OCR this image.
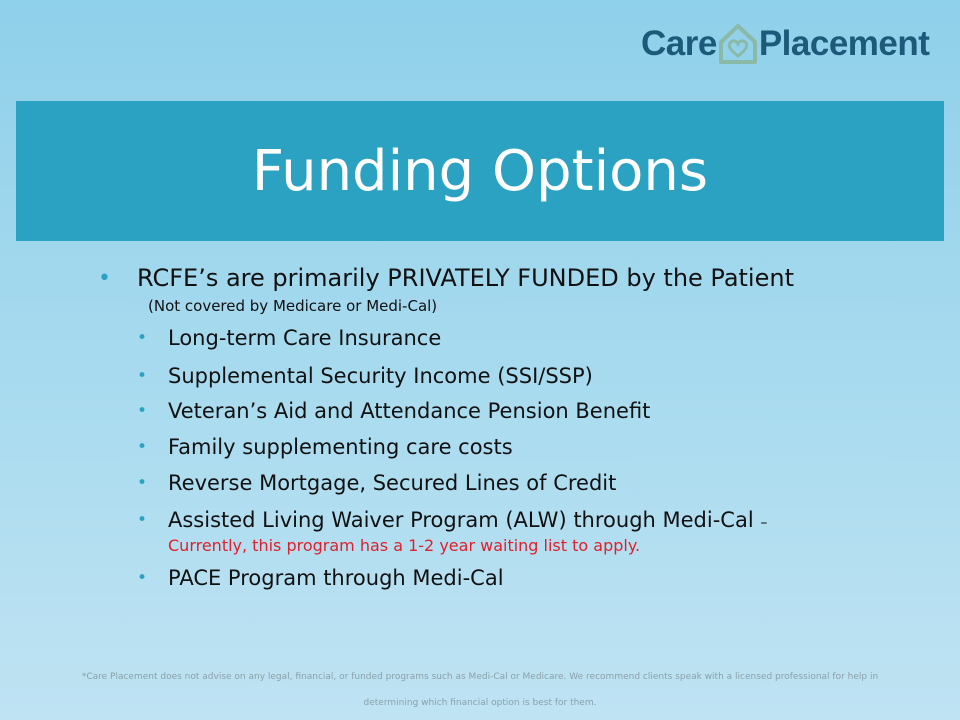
Care Placement
Funding Options
• RCFE’s are primarily PRIVATELY FUNDED by the Patient
(Not covered by Medicare or Medi-Cal)
• Long-term Care Insurance
• Supplemental Security Income (SSI/SSP)
• Veteran’s Aid and Attendance Pension Benefit
• Family supplementing care costs
• Reverse Mortgage, Secured Lines of Credit
• Assisted Living Waiver Program (ALW) through Medi-Cal –
Currently, this program has a 1-2 year waiting list to apply.
• PACE Program through Medi-Cal
*Care Placement does not advise on any legal, financial, or funded programs such as Medi-Cal or Medicare. We recommend clients speak with a licensed professional for help in
determining which financial option is best for them.
